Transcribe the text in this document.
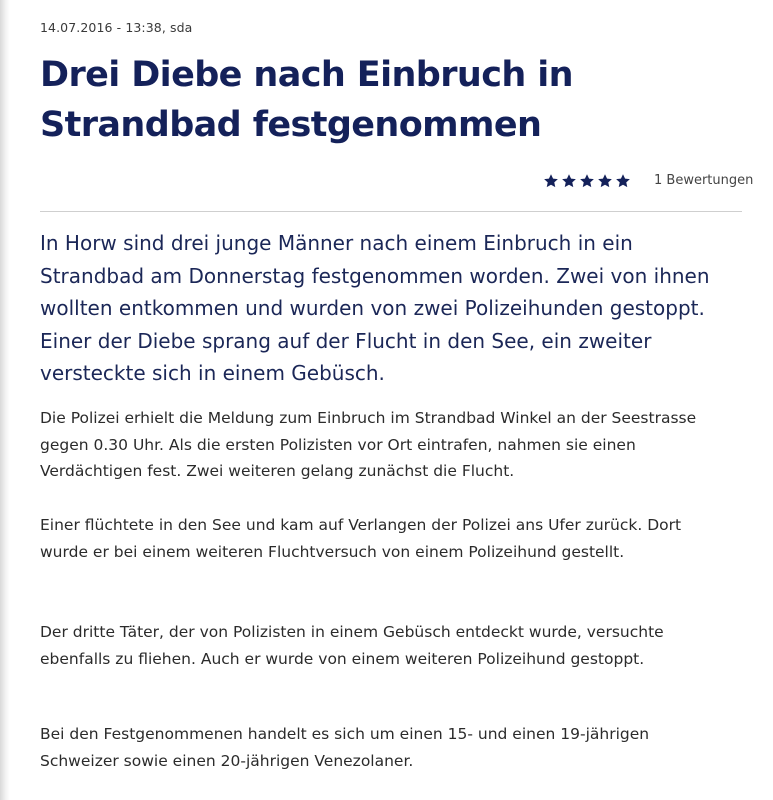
14.07.2016 - 13:38, sda
Drei Diebe nach Einbruch in Strandbad festgenommen
1 Bewertungen

In Horw sind drei junge Männer nach einem Einbruch in ein Strandbad am Donnerstag festgenommen worden. Zwei von ihnen wollten entkommen und wurden von zwei Polizeihunden gestoppt. Einer der Diebe sprang auf der Flucht in den See, ein zweiter versteckte sich in einem Gebüsch.

Die Polizei erhielt die Meldung zum Einbruch im Strandbad Winkel an der Seestrasse gegen 0.30 Uhr. Als die ersten Polizisten vor Ort eintrafen, nahmen sie einen Verdächtigen fest. Zwei weiteren gelang zunächst die Flucht.

Einer flüchtete in den See und kam auf Verlangen der Polizei ans Ufer zurück. Dort wurde er bei einem weiteren Fluchtversuch von einem Polizeihund gestellt.

Der dritte Täter, der von Polizisten in einem Gebüsch entdeckt wurde, versuchte ebenfalls zu fliehen. Auch er wurde von einem weiteren Polizeihund gestoppt.

Bei den Festgenommenen handelt es sich um einen 15- und einen 19-jährigen Schweizer sowie einen 20-jährigen Venezolaner.
